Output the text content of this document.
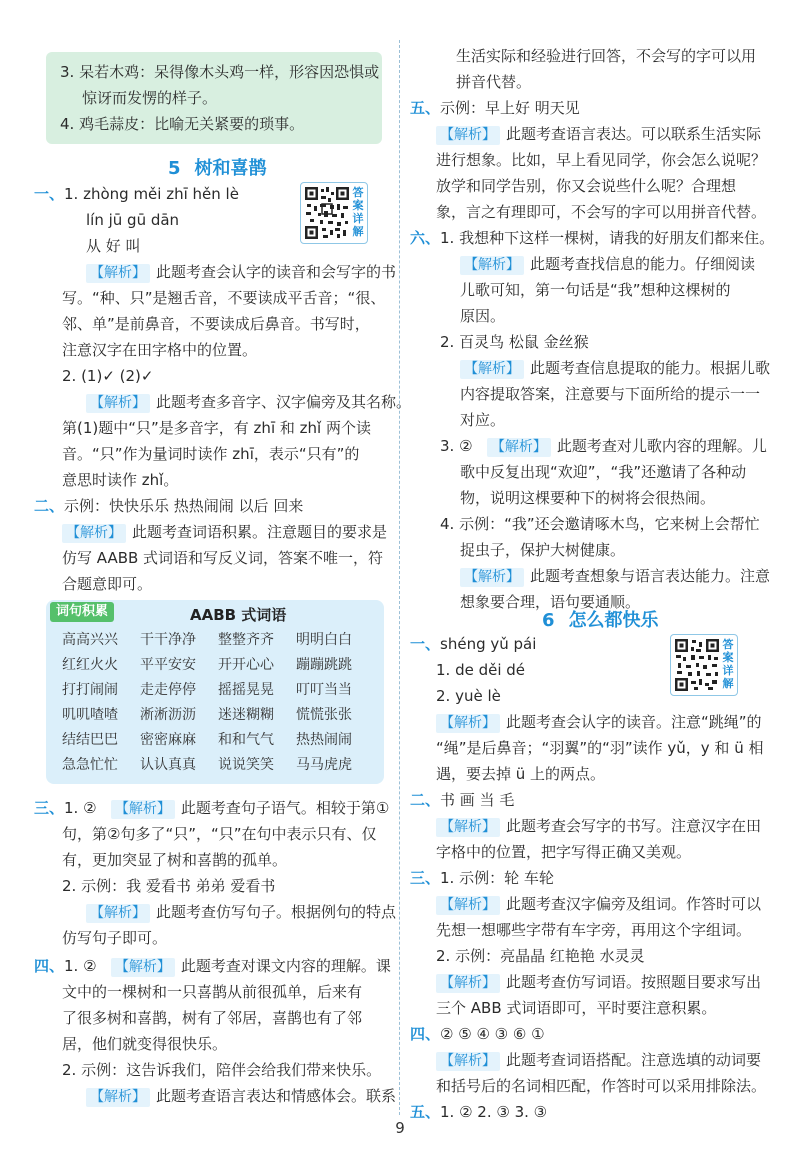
3. 呆若木鸡：呆得像木头鸡一样，形容因恐惧或
惊讶而发愣的样子。
4. 鸡毛蒜皮：比喻无关紧要的琐事。
5 树和喜鹊
答案详解
一、1. zhòng měi zhī hěn lè
lín jū gū dān
从 好 叫
【解析】 此题考查会认字的读音和会写字的书
写。“种、只”是翘舌音，不要读成平舌音；“很、
邻、单”是前鼻音，不要读成后鼻音。书写时，
注意汉字在田字格中的位置。
2. (1)✓ (2)✓
【解析】 此题考查多音字、汉字偏旁及其名称。
第(1)题中“只”是多音字，有 zhī 和 zhǐ 两个读
音。“只”作为量词时读作 zhī，表示“只有”的
意思时读作 zhǐ。
二、示例：快快乐乐 热热闹闹 以后 回来
【解析】 此题考查词语积累。注意题目的要求是
仿写 AABB 式词语和写反义词，答案不唯一，符
合题意即可。
词句积累	AABB 式词语
高高兴兴 干干净净 整整齐齐 明明白白
红红火火 平平安安 开开心心 蹦蹦跳跳
打打闹闹 走走停停 摇摇晃晃 叮叮当当
叽叽喳喳 淅淅沥沥 迷迷糊糊 慌慌张张
结结巴巴 密密麻麻 和和气气 热热闹闹
急急忙忙 认认真真 说说笑笑 马马虎虎
三、1. ② 【解析】 此题考查句子语气。相较于第①
句，第②句多了“只”，“只”在句中表示只有、仅
有，更加突显了树和喜鹊的孤单。
2. 示例：我 爱看书 弟弟 爱看书
【解析】 此题考查仿写句子。根据例句的特点
仿写句子即可。
四、1. ② 【解析】 此题考查对课文内容的理解。课
文中的一棵树和一只喜鹊从前很孤单，后来有
了很多树和喜鹊，树有了邻居，喜鹊也有了邻
居，他们就变得很快乐。
2. 示例：这告诉我们，陪伴会给我们带来快乐。
【解析】 此题考查语言表达和情感体会。联系
生活实际和经验进行回答，不会写的字可以用
拼音代替。
五、示例：早上好 明天见
【解析】 此题考查语言表达。可以联系生活实际
进行想象。比如，早上看见同学，你会怎么说呢？
放学和同学告别，你又会说些什么呢？合理想
象，言之有理即可，不会写的字可以用拼音代替。
六、1. 我想种下这样一棵树，请我的好朋友们都来住。
【解析】 此题考查找信息的能力。仔细阅读
儿歌可知，第一句话是“我”想种这棵树的
原因。
2. 百灵鸟 松鼠 金丝猴
【解析】 此题考查信息提取的能力。根据儿歌
内容提取答案，注意要与下面所给的提示一一
对应。
3. ② 【解析】 此题考查对儿歌内容的理解。儿
歌中反复出现“欢迎”，“我”还邀请了各种动
物，说明这棵要种下的树将会很热闹。
4. 示例：“我”还会邀请啄木鸟，它来树上会帮忙
捉虫子，保护大树健康。
【解析】 此题考查想象与语言表达能力。注意
想象要合理，语句要通顺。
6 怎么都快乐
答案详解
一、shéng yǔ pái
1. de děi dé
2. yuè lè
【解析】 此题考查会认字的读音。注意“跳绳”的
“绳”是后鼻音；“羽翼”的“羽”读作 yǔ，y 和 ü 相
遇，要去掉 ü 上的两点。
二、书 画 当 毛
【解析】 此题考查会写字的书写。注意汉字在田
字格中的位置，把字写得正确又美观。
三、1. 示例：轮 车轮
【解析】 此题考查汉字偏旁及组词。作答时可以
先想一想哪些字带有车字旁，再用这个字组词。
2. 示例：亮晶晶 红艳艳 水灵灵
【解析】 此题考查仿写词语。按照题目要求写出
三个 ABB 式词语即可，平时要注意积累。
四、② ⑤ ④ ③ ⑥ ①
【解析】 此题考查词语搭配。注意选填的动词要
和括号后的名词相匹配，作答时可以采用排除法。
五、1. ② 2. ③ 3. ③
9
